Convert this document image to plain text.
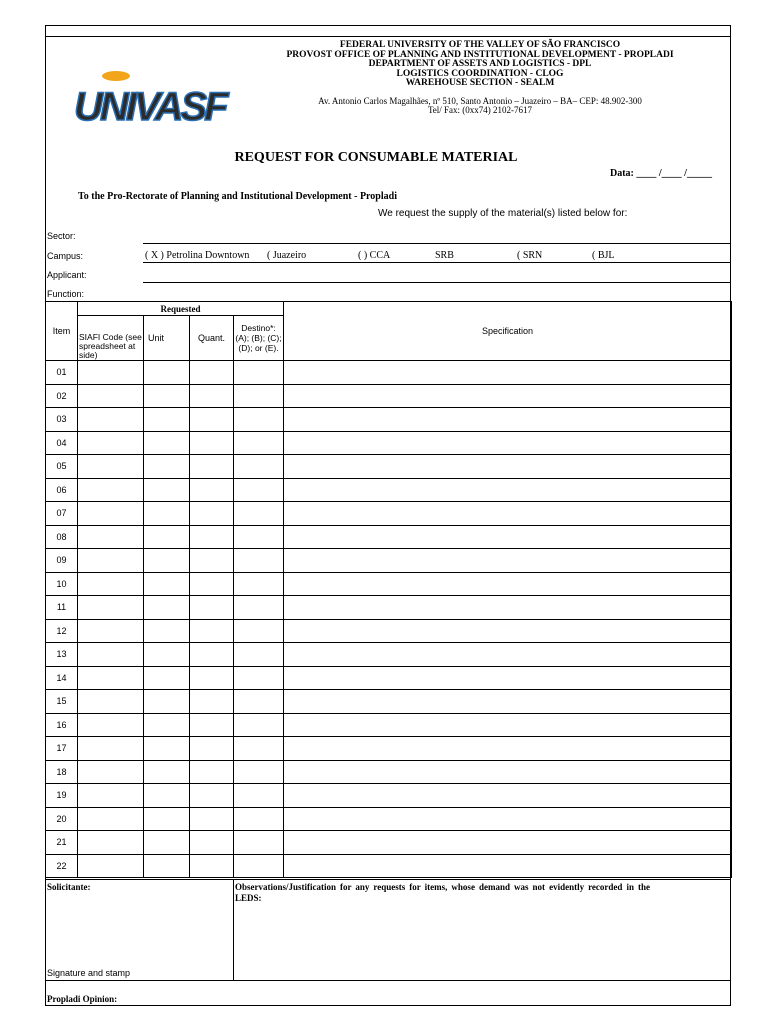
UNIVASF
FEDERAL UNIVERSITY OF THE VALLEY OF SÃO FRANCISCO
PROVOST OFFICE OF PLANNING AND INSTITUTIONAL DEVELOPMENT - PROPLADI
DEPARTMENT OF ASSETS AND LOGISTICS - DPL
LOGISTICS COORDINATION - CLOG
WAREHOUSE SECTION - SEALM
Av. Antonio Carlos Magalhães, nº 510, Santo Antonio – Juazeiro – BA– CEP: 48.902-300
Tel/ Fax: (0xx74) 2102-7617
REQUEST FOR CONSUMABLE MATERIAL
Data: ____ /____ /_____
To the Pro-Rectorate of Planning and Institutional Development - Propladi
We request the supply of the material(s) listed below for:
Sector:
Campus:	( X ) Petrolina Downtown ( Juazeiro	( ) CCA	SRB	( SRN	( BJL
Applicant:
Function:
Item	Requested				Specification
	SIAFI Code (see spreadsheet at side)	Unit	Quant.	Destino*: (A); (B); (C); (D); or (E).	
01					
02					
03					
04					
05					
06					
07					
08					
09					
10					
11					
12					
13					
14					
15					
16					
17					
18					
19					
20					
21					
22					
Solicitante:
Signature and stamp
Observations/Justification for any requests for items, whose demand was not evidently recorded in the LEDS:
Propladi Opinion:
